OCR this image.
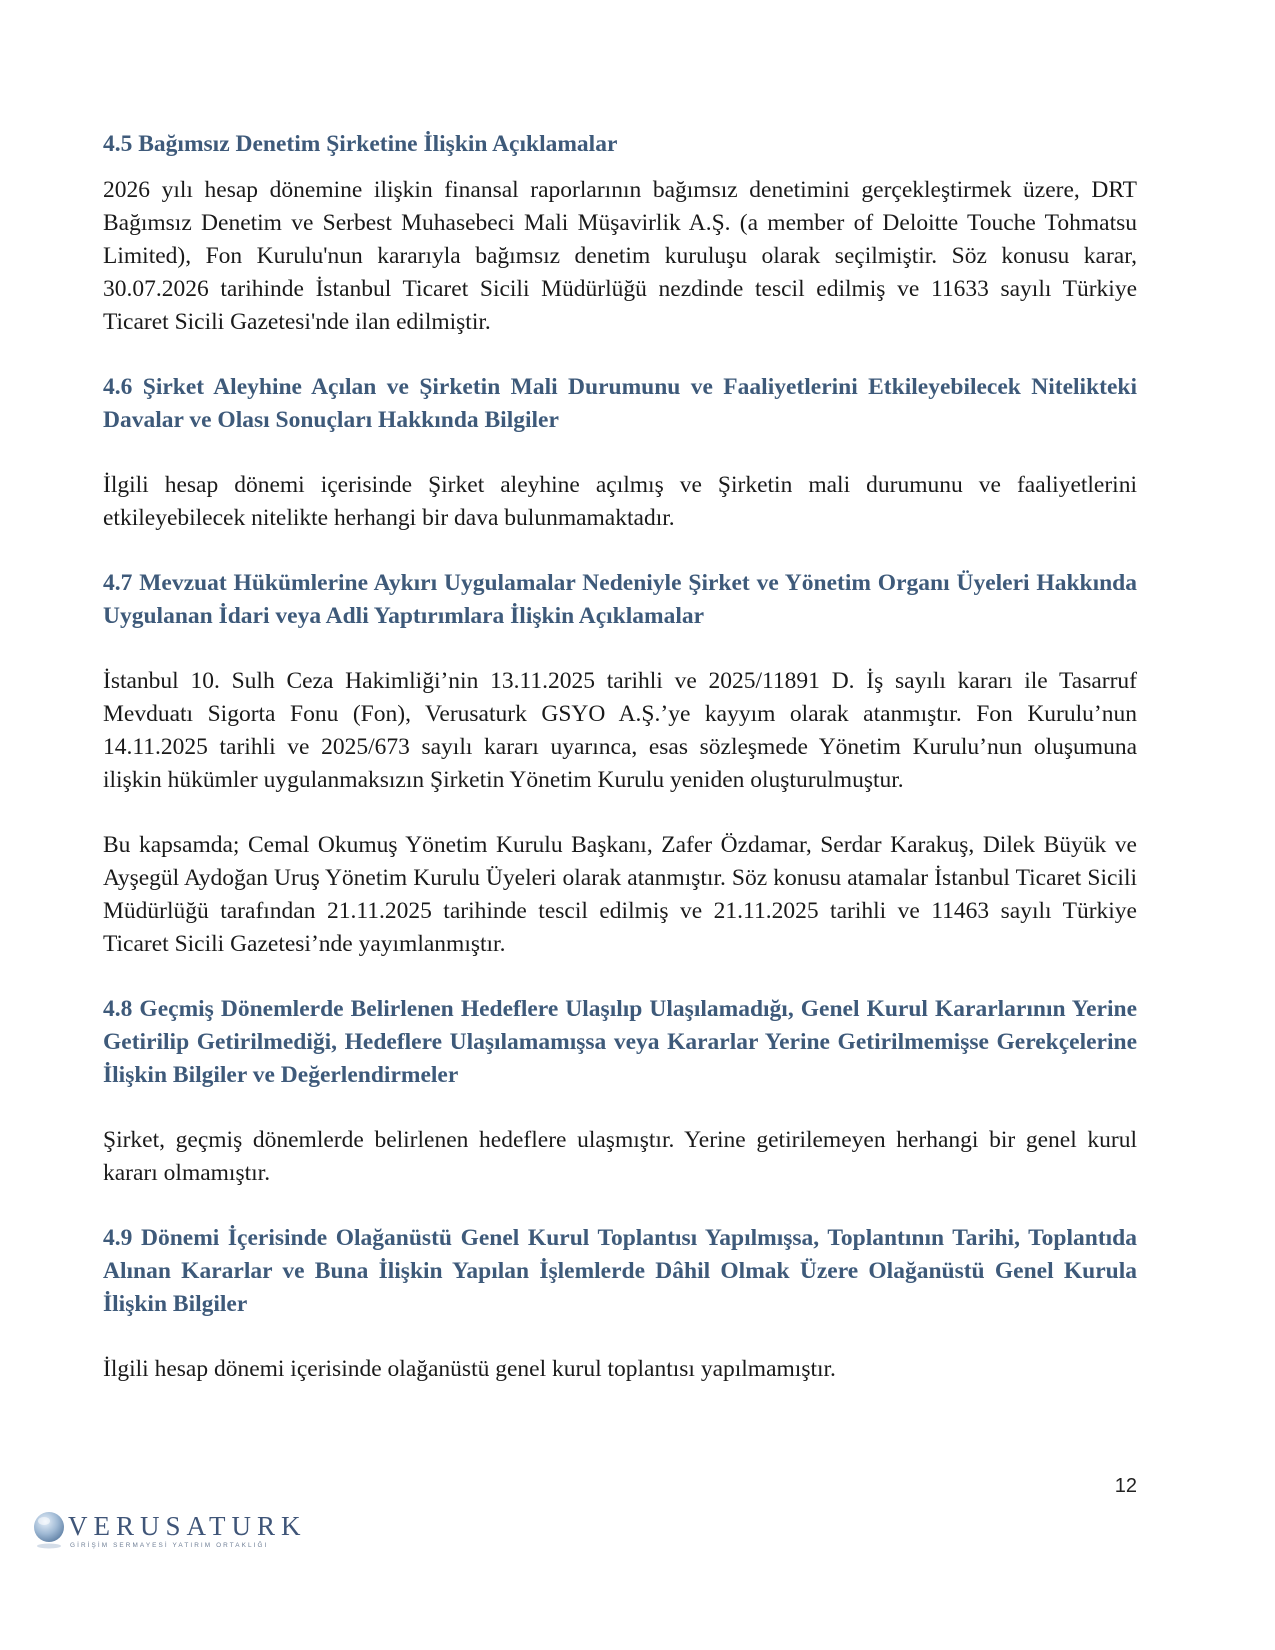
4.5 Bağımsız Denetim Şirketine İlişkin Açıklamalar

2026 yılı hesap dönemine ilişkin finansal raporlarının bağımsız denetimini gerçekleştirmek üzere, DRT Bağımsız Denetim ve Serbest Muhasebeci Mali Müşavirlik A.Ş. (a member of Deloitte Touche Tohmatsu Limited), Fon Kurulu'nun kararıyla bağımsız denetim kuruluşu olarak seçilmiştir. Söz konusu karar, 30.07.2026 tarihinde İstanbul Ticaret Sicili Müdürlüğü nezdinde tescil edilmiş ve 11633 sayılı Türkiye Ticaret Sicili Gazetesi'nde ilan edilmiştir.

4.6 Şirket Aleyhine Açılan ve Şirketin Mali Durumunu ve Faaliyetlerini Etkileyebilecek Nitelikteki Davalar ve Olası Sonuçları Hakkında Bilgiler

İlgili hesap dönemi içerisinde Şirket aleyhine açılmış ve Şirketin mali durumunu ve faaliyetlerini etkileyebilecek nitelikte herhangi bir dava bulunmamaktadır.

4.7 Mevzuat Hükümlerine Aykırı Uygulamalar Nedeniyle Şirket ve Yönetim Organı Üyeleri Hakkında Uygulanan İdari veya Adli Yaptırımlara İlişkin Açıklamalar

İstanbul 10. Sulh Ceza Hakimliği’nin 13.11.2025 tarihli ve 2025/11891 D. İş sayılı kararı ile Tasarruf Mevduatı Sigorta Fonu (Fon), Verusaturk GSYO A.Ş.’ye kayyım olarak atanmıştır. Fon Kurulu’nun 14.11.2025 tarihli ve 2025/673 sayılı kararı uyarınca, esas sözleşmede Yönetim Kurulu’nun oluşumuna ilişkin hükümler uygulanmaksızın Şirketin Yönetim Kurulu yeniden oluşturulmuştur.

Bu kapsamda; Cemal Okumuş Yönetim Kurulu Başkanı, Zafer Özdamar, Serdar Karakuş, Dilek Büyük ve Ayşegül Aydoğan Uruş Yönetim Kurulu Üyeleri olarak atanmıştır. Söz konusu atamalar İstanbul Ticaret Sicili Müdürlüğü tarafından 21.11.2025 tarihinde tescil edilmiş ve 21.11.2025 tarihli ve 11463 sayılı Türkiye Ticaret Sicili Gazetesi’nde yayımlanmıştır.

4.8 Geçmiş Dönemlerde Belirlenen Hedeflere Ulaşılıp Ulaşılamadığı, Genel Kurul Kararlarının Yerine Getirilip Getirilmediği, Hedeflere Ulaşılamamışsa veya Kararlar Yerine Getirilmemişse Gerekçelerine İlişkin Bilgiler ve Değerlendirmeler

Şirket, geçmiş dönemlerde belirlenen hedeflere ulaşmıştır. Yerine getirilemeyen herhangi bir genel kurul kararı olmamıştır.

4.9 Dönemi İçerisinde Olağanüstü Genel Kurul Toplantısı Yapılmışsa, Toplantının Tarihi, Toplantıda Alınan Kararlar ve Buna İlişkin Yapılan İşlemlerde Dâhil Olmak Üzere Olağanüstü Genel Kurula İlişkin Bilgiler

İlgili hesap dönemi içerisinde olağanüstü genel kurul toplantısı yapılmamıştır.

12
VERUSATURK
GİRİŞİM SERMAYESİ YATIRIM ORTAKLIĞI
